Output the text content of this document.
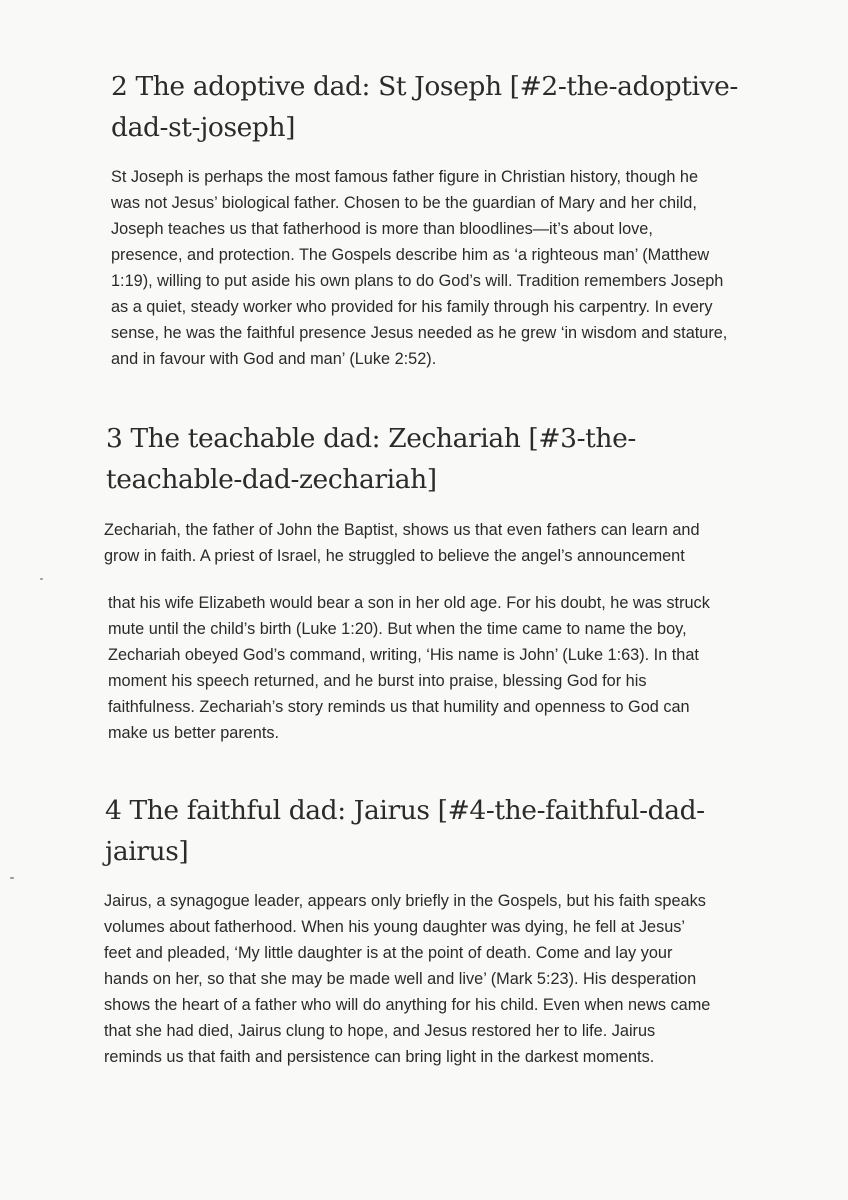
2 The adoptive dad: St Joseph [#2-the-adoptive-
dad-st-joseph]

St Joseph is perhaps the most famous father figure in Christian history, though he
was not Jesus’ biological father. Chosen to be the guardian of Mary and her child,
Joseph teaches us that fatherhood is more than bloodlines—it’s about love,
presence, and protection. The Gospels describe him as ‘a righteous man’ (Matthew
1:19), willing to put aside his own plans to do God’s will. Tradition remembers Joseph
as a quiet, steady worker who provided for his family through his carpentry. In every
sense, he was the faithful presence Jesus needed as he grew ‘in wisdom and stature,
and in favour with God and man’ (Luke 2:52).

3 The teachable dad: Zechariah [#3-the-
teachable-dad-zechariah]

Zechariah, the father of John the Baptist, shows us that even fathers can learn and
grow in faith. A priest of Israel, he struggled to believe the angel’s announcement

that his wife Elizabeth would bear a son in her old age. For his doubt, he was struck
mute until the child’s birth (Luke 1:20). But when the time came to name the boy,
Zechariah obeyed God’s command, writing, ‘His name is John’ (Luke 1:63). In that
moment his speech returned, and he burst into praise, blessing God for his
faithfulness. Zechariah’s story reminds us that humility and openness to God can
make us better parents.

4 The faithful dad: Jairus [#4-the-faithful-dad-
jairus]

Jairus, a synagogue leader, appears only briefly in the Gospels, but his faith speaks
volumes about fatherhood. When his young daughter was dying, he fell at Jesus’
feet and pleaded, ‘My little daughter is at the point of death. Come and lay your
hands on her, so that she may be made well and live’ (Mark 5:23). His desperation
shows the heart of a father who will do anything for his child. Even when news came
that she had died, Jairus clung to hope, and Jesus restored her to life. Jairus
reminds us that faith and persistence can bring light in the darkest moments.
